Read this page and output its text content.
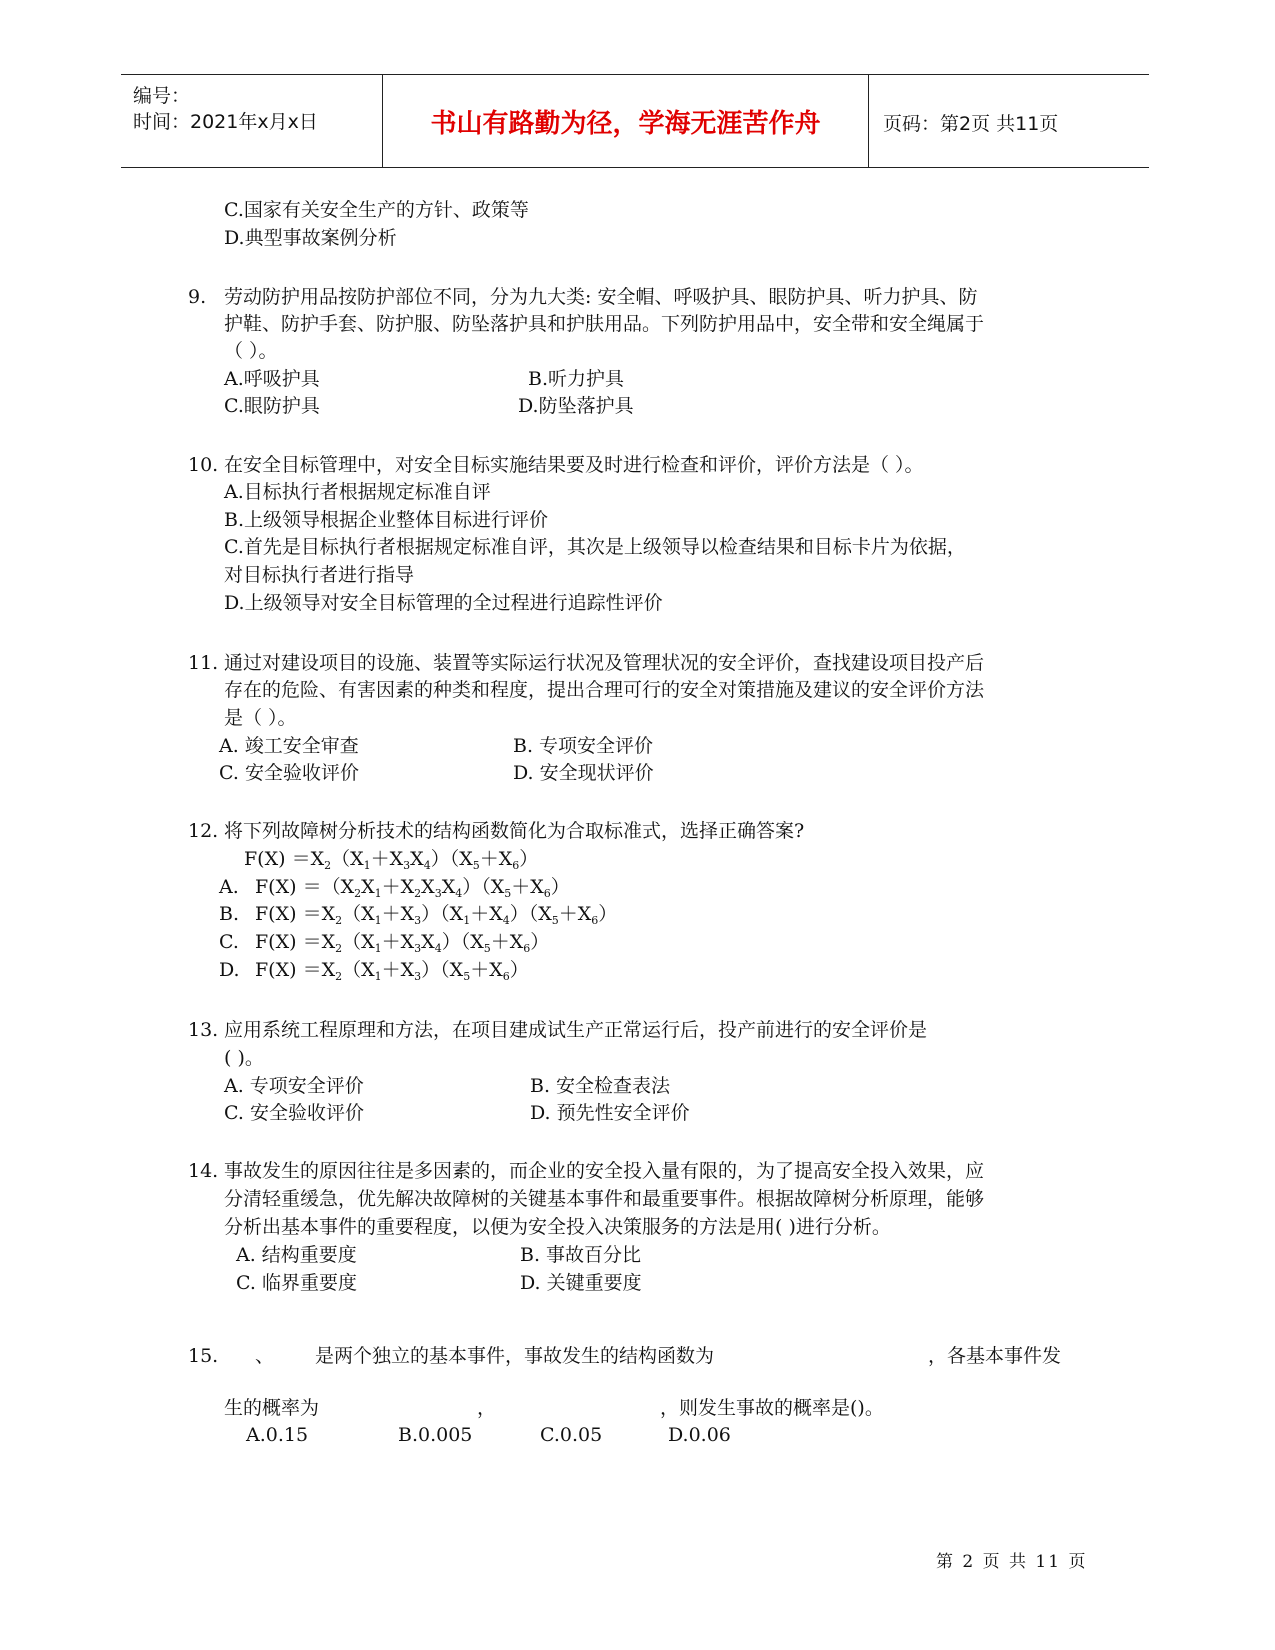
编号：
时间：2021年x月x日	书山有路勤为径，学海无涯苦作舟	页码：第2页 共11页
C.国家有关安全生产的方针、政策等
D.典型事故案例分析
9. 劳动防护用品按防护部位不同，分为九大类: 安全帽、呼吸护具、眼防护具、听力护具、防
护鞋、防护手套、防护服、防坠落护具和护肤用品。下列防护用品中，安全带和安全绳属于
（ ）。
A.呼吸护具	B.听力护具
C.眼防护具	D.防坠落护具
10. 在安全目标管理中，对安全目标实施结果要及时进行检查和评价，评价方法是（ ）。
A.目标执行者根据规定标准自评
B.上级领导根据企业整体目标进行评价
C.首先是目标执行者根据规定标准自评，其次是上级领导以检查结果和目标卡片为依据，
对目标执行者进行指导
D.上级领导对安全目标管理的全过程进行追踪性评价
11. 通过对建设项目的设施、装置等实际运行状况及管理状况的安全评价，查找建设项目投产后
存在的危险、有害因素的种类和程度，提出合理可行的安全对策措施及建议的安全评价方法
是（ ）。
A. 竣工安全审查	B. 专项安全评价
C. 安全验收评价	D. 安全现状评价
12. 将下列故障树分析技术的结构函数简化为合取标准式，选择正确答案?
$F(X) =X_2(X_1+X_3X_4)(X_5+X_6)$
A. $F(X) =(X_2X_1+X_2X_3X_4)(X_5+X_6)$
B. $F(X) =X_2(X_1+X_3)(X_1+X_4)(X_5+X_6)$
C. $F(X) =X_2(X_1+X_3X_4)(X_5+X_6)$
D. $F(X) =X_2(X_1+X_3)(X_5+X_6)$
13. 应用系统工程原理和方法，在项目建成试生产正常运行后，投产前进行的安全评价是
( )。
A. 专项安全评价	B. 安全检查表法
C. 安全验收评价	D. 预先性安全评价
14. 事故发生的原因往往是多因素的，而企业的安全投入量有限的，为了提高安全投入效果，应
分清轻重缓急，优先解决故障树的关键基本事件和最重要事件。根据故障树分析原理，能够
分析出基本事件的重要程度，以便为安全投入决策服务的方法是用( )进行分析。
A. 结构重要度	B. 事故百分比
C. 临界重要度	D. 关键重要度
15. 、 是两个独立的基本事件，事故发生的结构函数为	，各基本事件发
生的概率为	，	，则发生事故的概率是()。
A.0.15	B.0.005	C.0.05	D.0.06
第 2 页 共 11 页
